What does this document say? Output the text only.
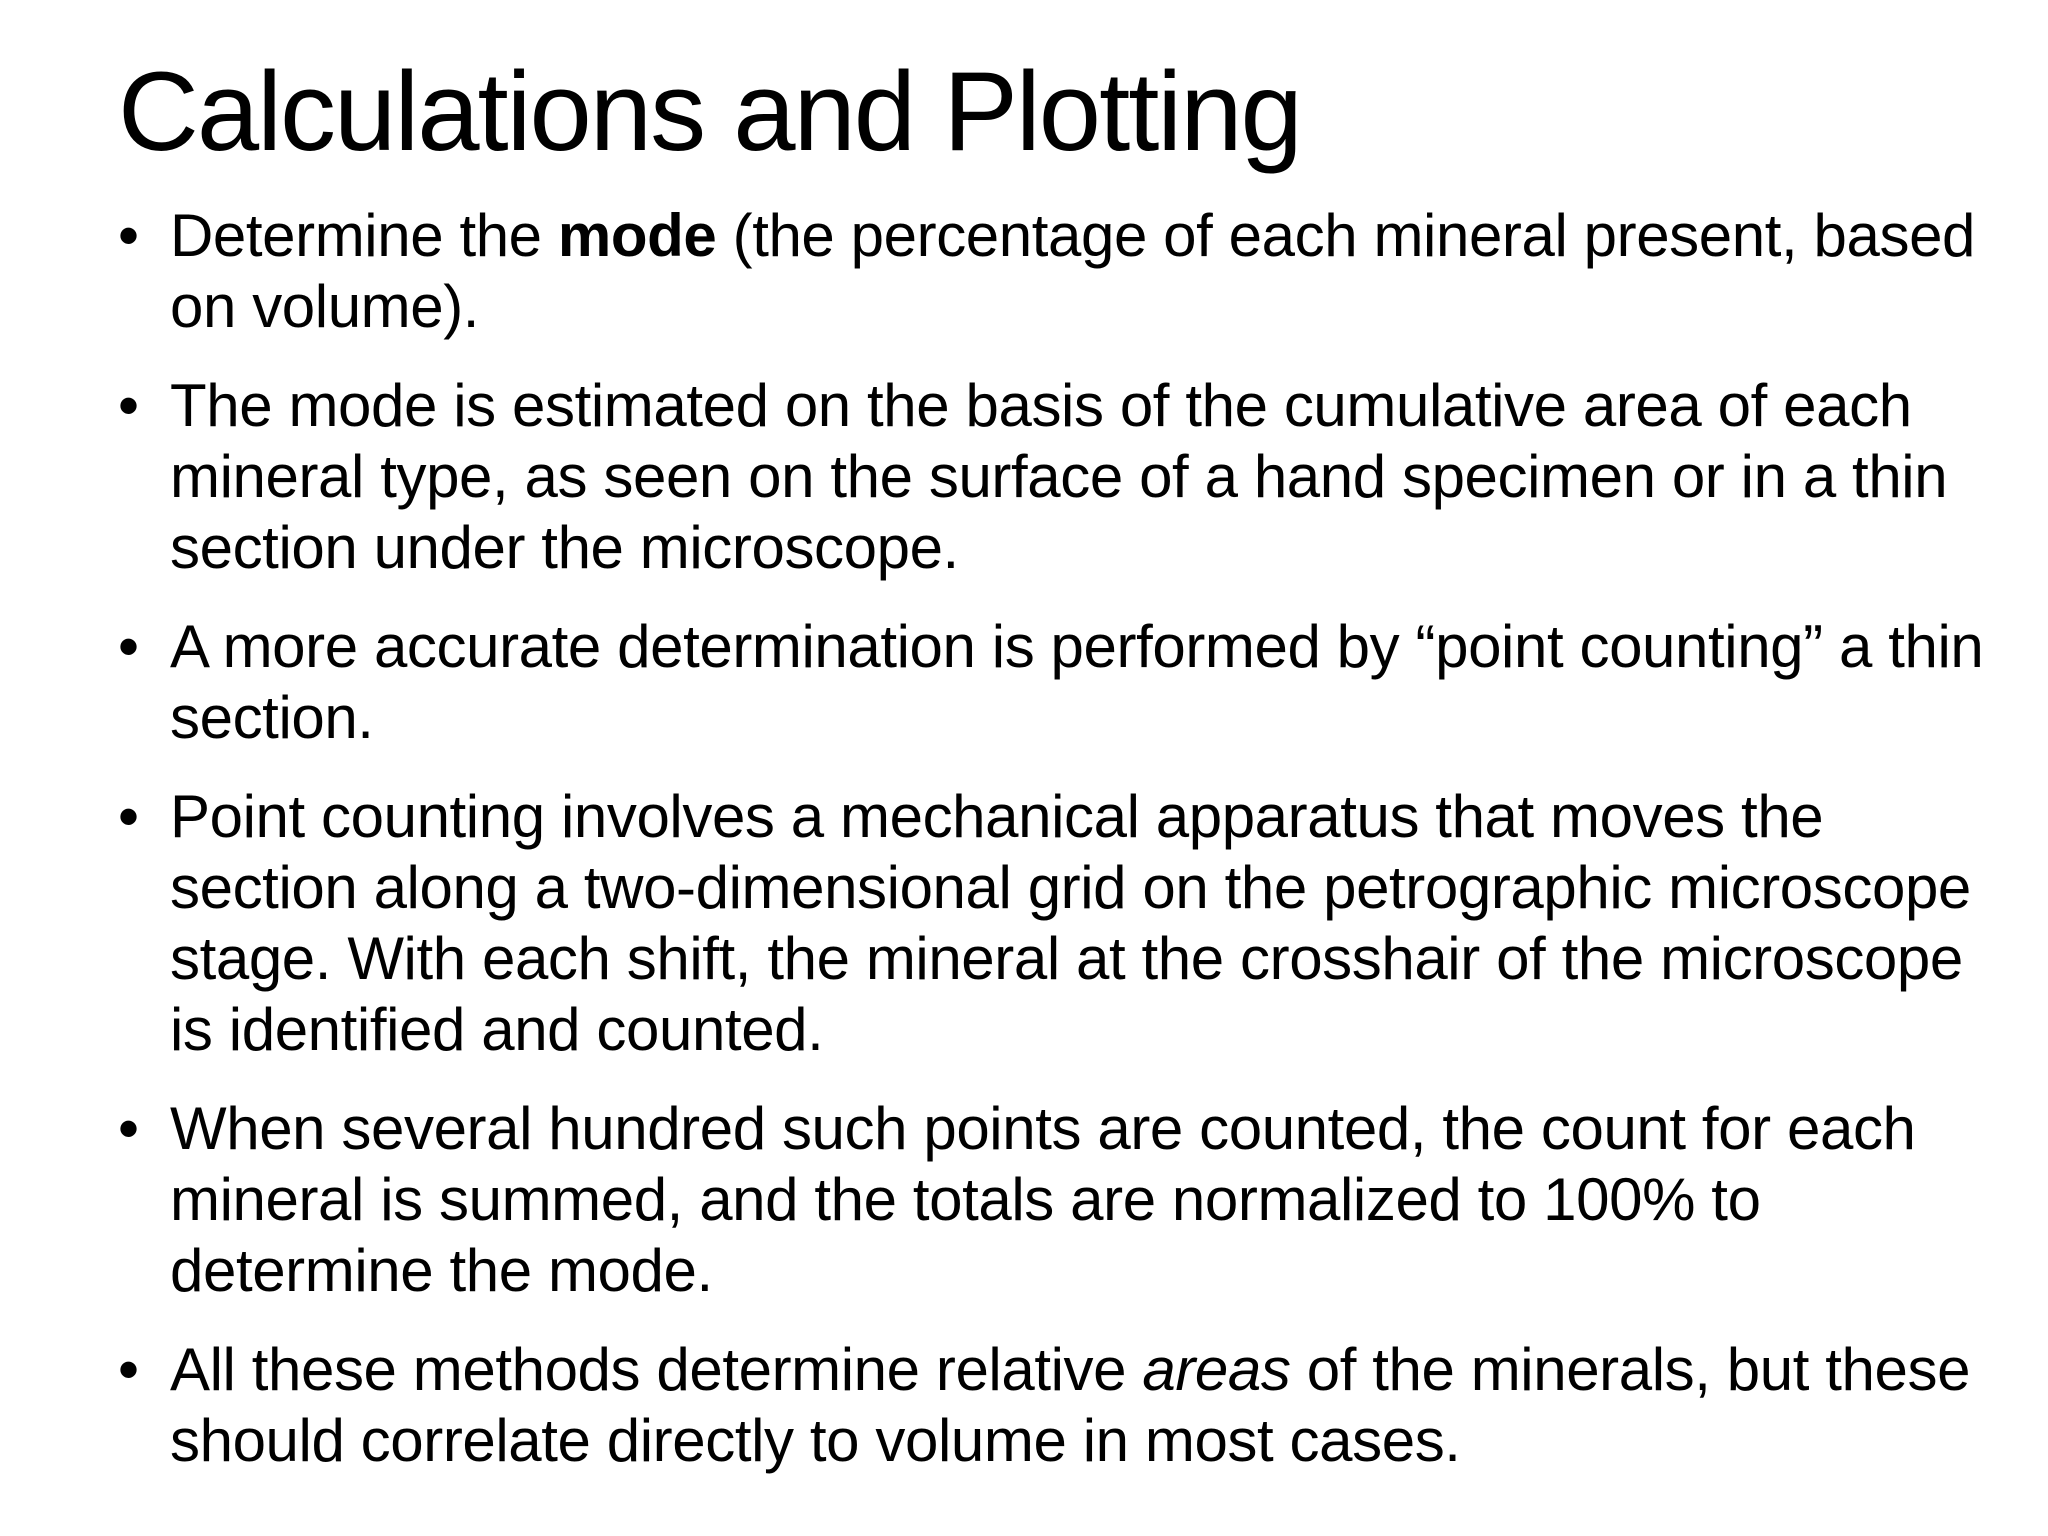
Calculations and Plotting
• Determine the mode (the percentage of each mineral present, based on volume).
• The mode is estimated on the basis of the cumulative area of each mineral type, as seen on the surface of a hand specimen or in a thin section under the microscope.
• A more accurate determination is performed by “point counting” a thin section.
• Point counting involves a mechanical apparatus that moves the section along a two-dimensional grid on the petrographic microscope stage. With each shift, the mineral at the crosshair of the microscope is identified and counted.
• When several hundred such points are counted, the count for each mineral is summed, and the totals are normalized to 100% to determine the mode.
• All these methods determine relative areas of the minerals, but these should correlate directly to volume in most cases.
